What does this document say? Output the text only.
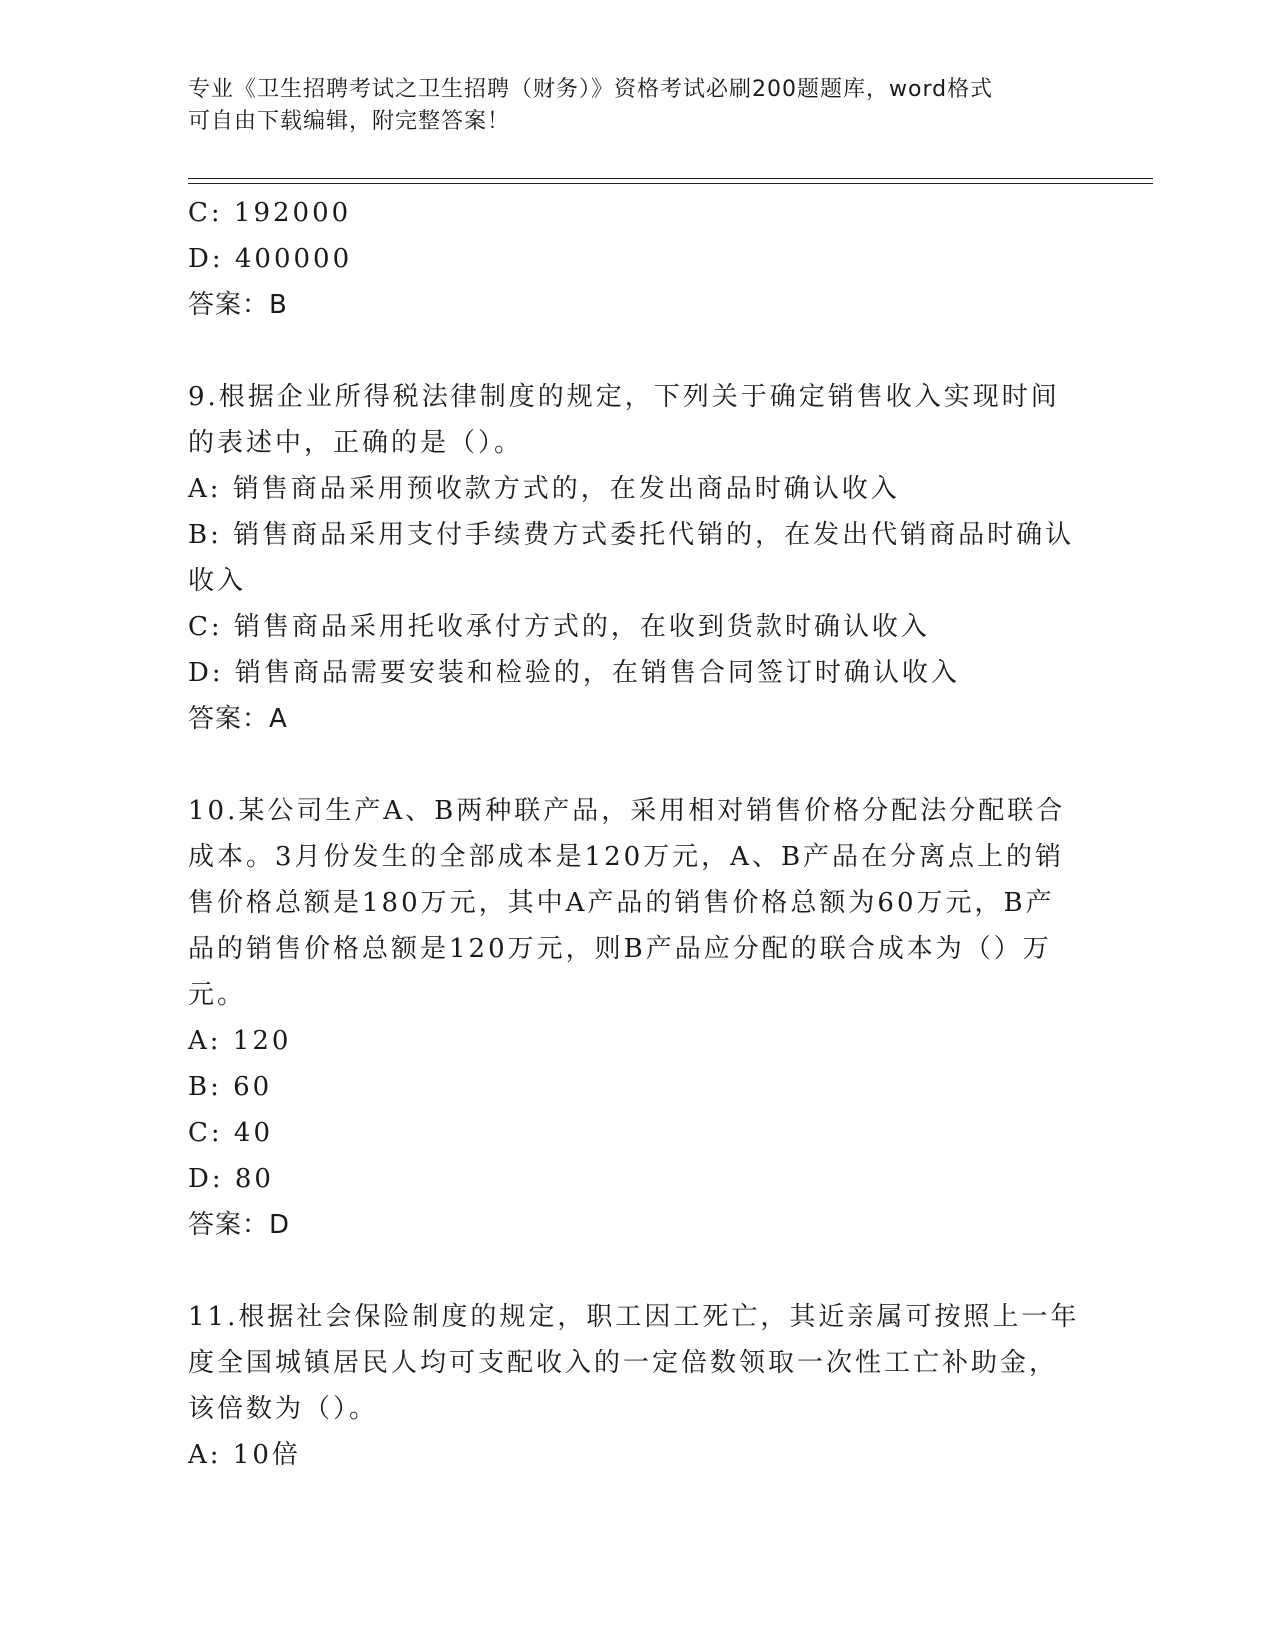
专业《卫生招聘考试之卫生招聘（财务）》资格考试必刷200题题库，word格式
可自由下载编辑，附完整答案！
C: 192000
D: 400000
答案：B
9.根据企业所得税法律制度的规定，下列关于确定销售收入实现时间
的表述中，正确的是（）。
A: 销售商品采用预收款方式的，在发出商品时确认收入
B: 销售商品采用支付手续费方式委托代销的，在发出代销商品时确认
收入
C: 销售商品采用托收承付方式的，在收到货款时确认收入
D: 销售商品需要安装和检验的，在销售合同签订时确认收入
答案：A
10.某公司生产A、B两种联产品，采用相对销售价格分配法分配联合
成本。3月份发生的全部成本是120万元，A、B产品在分离点上的销
售价格总额是180万元，其中A产品的销售价格总额为60万元，B产
品的销售价格总额是120万元，则B产品应分配的联合成本为（）万
元。
A: 120
B: 60
C: 40
D: 80
答案：D
11.根据社会保险制度的规定，职工因工死亡，其近亲属可按照上一年
度全国城镇居民人均可支配收入的一定倍数领取一次性工亡补助金，
该倍数为（）。
A: 10倍
